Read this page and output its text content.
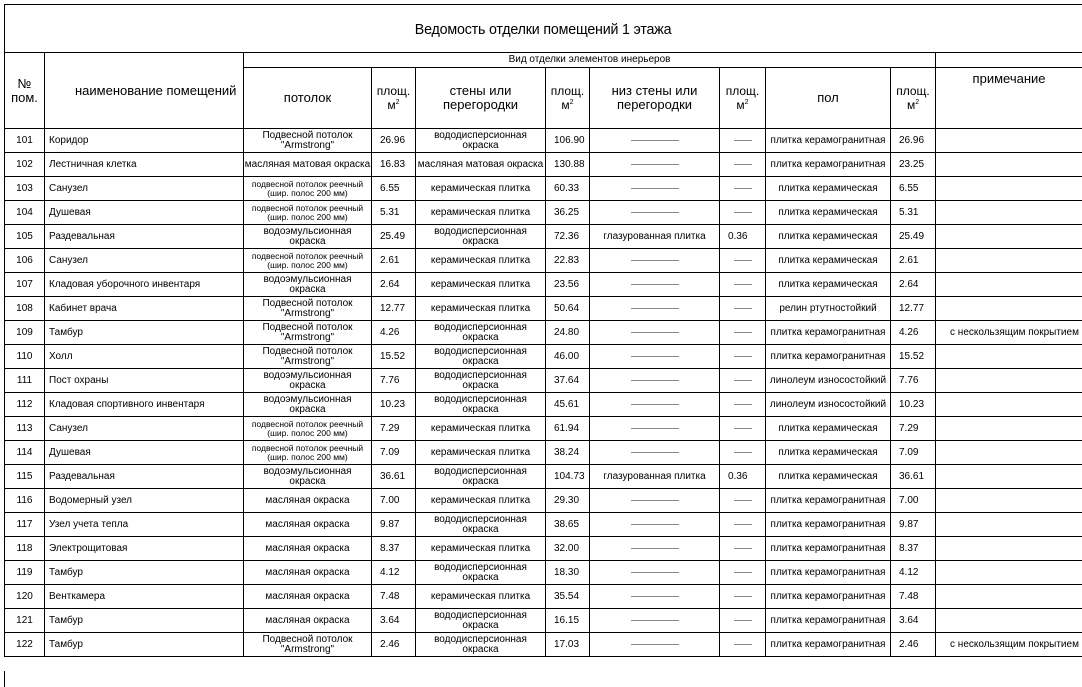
Ведомость отделки помещений 1 этажа
№ пом.	наименование помещений	Вид отделки элементов инерьеров								
		потолок	площ. $м^2$	стены или перегородки	площ. $м^2$	низ стены или перегородки	площ. $м^2$	пол	площ. $м^2$	примечание
101	Коридор	Подвесной потолок "Armstrong"	26.96	вододисперсионная окраска	106.90			плитка керамогранитная	26.96	
102	Лестничная клетка	масляная матовая окраска	16.83	масляная матовая окраска	130.88			плитка керамогранитная	23.25	
103	Санузел	подвесной потолок реечный (шир. полос 200 мм)	6.55	керамическая плитка	60.33			плитка керамическая	6.55	
104	Душевая	подвесной потолок реечный (шир. полос 200 мм)	5.31	керамическая плитка	36.25			плитка керамическая	5.31	
105	Раздевальная	водоэмульсионная окраска	25.49	вододисперсионная окраска	72.36	глазурованная плитка	0.36	плитка керамическая	25.49	
106	Санузел	подвесной потолок реечный (шир. полос 200 мм)	2.61	керамическая плитка	22.83			плитка керамическая	2.61	
107	Кладовая уборочного инвентаря	водоэмульсионная окраска	2.64	керамическая плитка	23.56			плитка керамическая	2.64	
108	Кабинет врача	Подвесной потолок "Armstrong"	12.77	керамическая плитка	50.64			релин ртутностойкий	12.77	
109	Тамбур	Подвесной потолок "Armstrong"	4.26	вододисперсионная окраска	24.80			плитка керамогранитная	4.26	с нескользящим покрытием
110	Холл	Подвесной потолок "Armstrong"	15.52	вододисперсионная окраска	46.00			плитка керамогранитная	15.52	
111	Пост охраны	водоэмульсионная окраска	7.76	вододисперсионная окраска	37.64			линолеум износостойкий	7.76	
112	Кладовая спортивного инвентаря	водоэмульсионная окраска	10.23	вододисперсионная окраска	45.61			линолеум износостойкий	10.23	
113	Санузел	подвесной потолок реечный (шир. полос 200 мм)	7.29	керамическая плитка	61.94			плитка керамическая	7.29	
114	Душевая	подвесной потолок реечный (шир. полос 200 мм)	7.09	керамическая плитка	38.24			плитка керамическая	7.09	
115	Раздевальная	водоэмульсионная окраска	36.61	вододисперсионная окраска	104.73	глазурованная плитка	0.36	плитка керамическая	36.61	
116	Водомерный узел	масляная окраска	7.00	керамическая плитка	29.30			плитка керамогранитная	7.00	
117	Узел учета тепла	масляная окраска	9.87	вододисперсионная окраска	38.65			плитка керамогранитная	9.87	
118	Электрощитовая	масляная окраска	8.37	керамическая плитка	32.00			плитка керамогранитная	8.37	
119	Тамбур	масляная окраска	4.12	вододисперсионная окраска	18.30			плитка керамогранитная	4.12	
120	Венткамера	масляная окраска	7.48	керамическая плитка	35.54			плитка керамогранитная	7.48	
121	Тамбур	масляная окраска	3.64	вододисперсионная окраска	16.15			плитка керамогранитная	3.64	
122	Тамбур	Подвесной потолок "Armstrong"	2.46	вододисперсионная окраска	17.03			плитка керамогранитная	2.46	с нескользящим покрытием
